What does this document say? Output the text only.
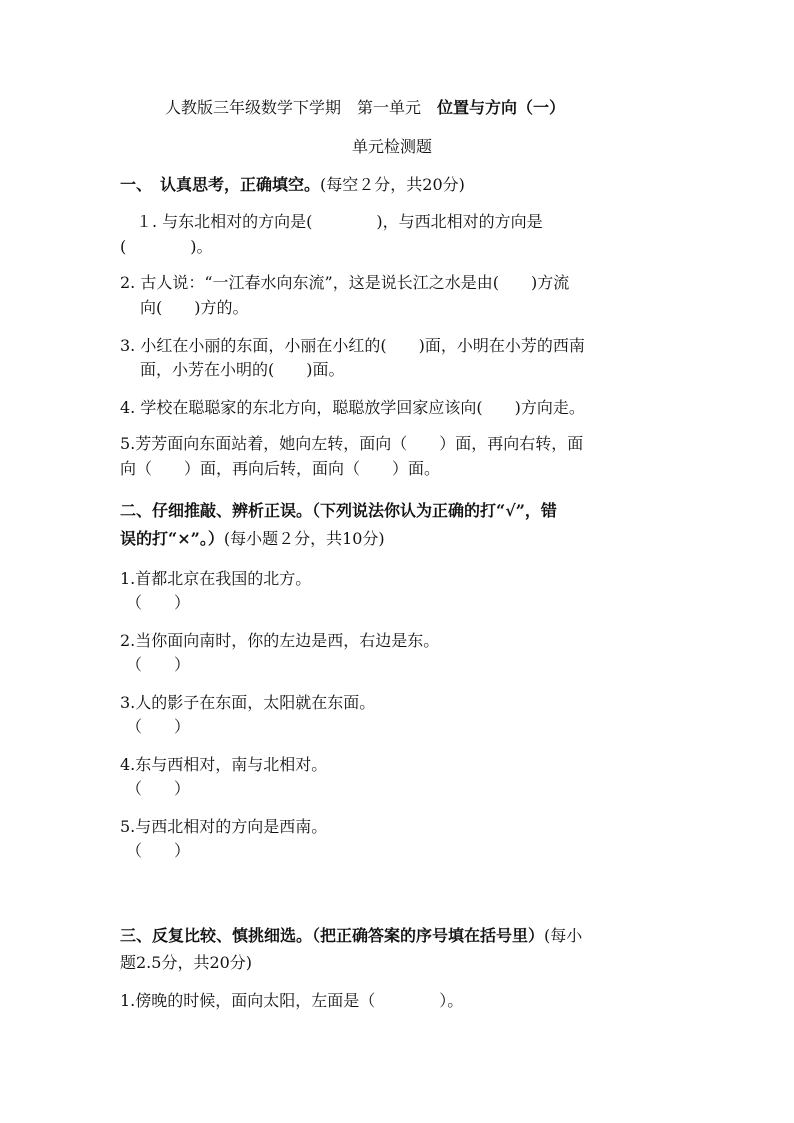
人教版三年级数学下学期　第一单元　位置与方向（一）
单元检测题
一、　认真思考，正确填空。(每空２分，共20分)
１. 与东北相对的方向是(　　　　)，与西北相对的方向是
(　　　　)。
2. 古人说：“一江春水向东流”，这是说长江之水是由(　　)方流
向(　　)方的。
3. 小红在小丽的东面，小丽在小红的(　　)面，小明在小芳的西南
面，小芳在小明的(　　)面。
4. 学校在聪聪家的东北方向，聪聪放学回家应该向(　　)方向走。
5.芳芳面向东面站着，她向左转，面向（　　）面，再向右转，面
向（　　）面，再向后转，面向（　　）面。
二、仔细推敲、辨析正误。（下列说法你认为正确的打“√”，错
误的打“×”。）(每小题２分，共10分)
1.首都北京在我国的北方。
（　　）
2.当你面向南时，你的左边是西，右边是东。
（　　）
3.人的影子在东面，太阳就在东面。
（　　）
4.东与西相对，南与北相对。
（　　）
5.与西北相对的方向是西南。
（　　）
三、反复比较、慎挑细选。（把正确答案的序号填在括号里）(每小
题2.5分，共20分)
1.傍晚的时候，面向太阳，左面是（　　　　）。
